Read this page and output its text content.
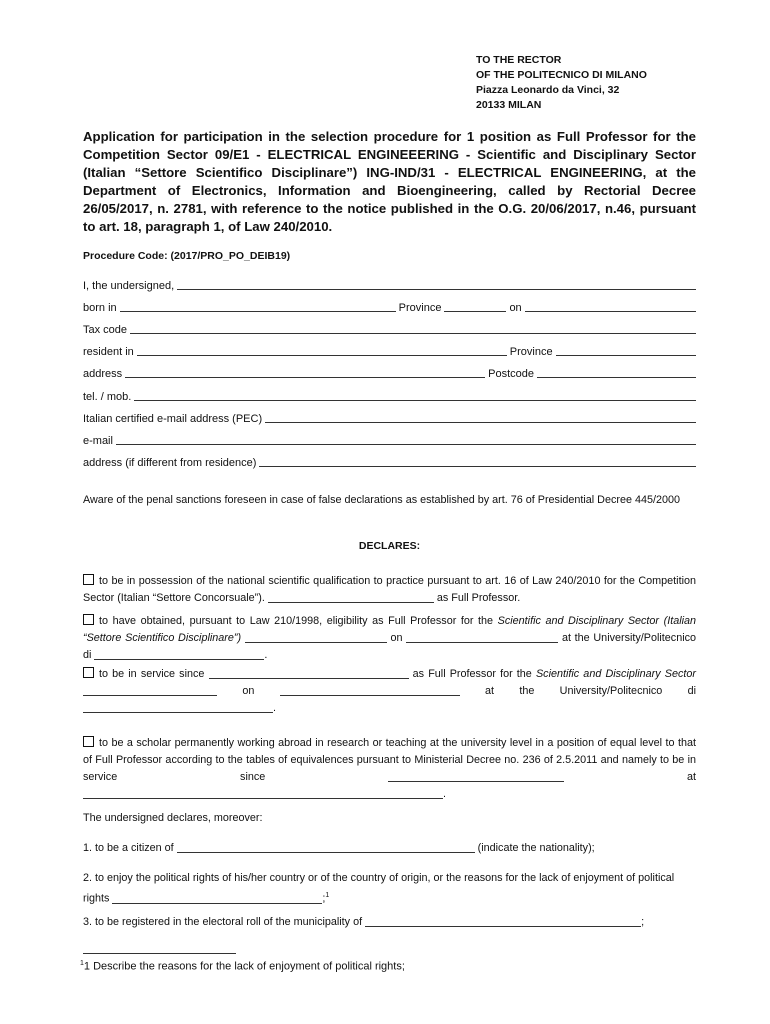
TO THE RECTOR
OF THE POLITECNICO DI MILANO
Piazza Leonardo da Vinci, 32
20133 MILAN

Application for participation in the selection procedure for 1 position as Full Professor for the Competition Sector 09/E1 - ELECTRICAL ENGINEEERING - Scientific and Disciplinary Sector (Italian “Settore Scientifico Disciplinare”) ING-IND/31 - ELECTRICAL ENGINEERING, at the Department of Electronics, Information and Bioengineering, called by Rectorial Decree 26/05/2017, n. 2781, with reference to the notice published in the O.G. 20/06/2017, n.46, pursuant to art. 18, paragraph 1, of Law 240/2010.

Procedure Code: (2017/PRO_PO_DEIB19)
I, the undersigned,
born in	Province	on
Tax code
resident in	Province
address	Postcode
tel. / mob.
Italian certified e-mail address (PEC)
e-mail
address (if different from residence)

Aware of the penal sanctions foreseen in case of false declarations as established by art. 76 of Presidential Decree 445/2000

DECLARES:

to be in possession of the national scientific qualification to practice pursuant to art. 16 of Law 240/2010 for the Competition Sector (Italian “Settore Concorsuale”).	as Full Professor.

to have obtained, pursuant to Law 210/1998, eligibility as Full Professor for the Scientific and Disciplinary Sector (Italian “Settore Scientifico Disciplinare”)	on	at the University/Politecnico di	.

to be in service since	as Full Professor for the Scientific and Disciplinary Sector  on	at the University/Politecnico di .

to be a scholar permanently working abroad in research or teaching at the university level in a position of equal level to that of Full Professor according to the tables of equivalences pursuant to Ministerial Decree no. 236 of 2.5.2011 and namely to be in service since	at .

The undersigned declares, moreover:

1. to be a citizen of	(indicate the nationality);

2. to enjoy the political rights of his/her country or of the country of origin, or the reasons for the lack of enjoyment of political rights	;$^1$

3. to be registered in the electoral roll of the municipality of	;

$^1$1 Describe the reasons for the lack of enjoyment of political rights;
